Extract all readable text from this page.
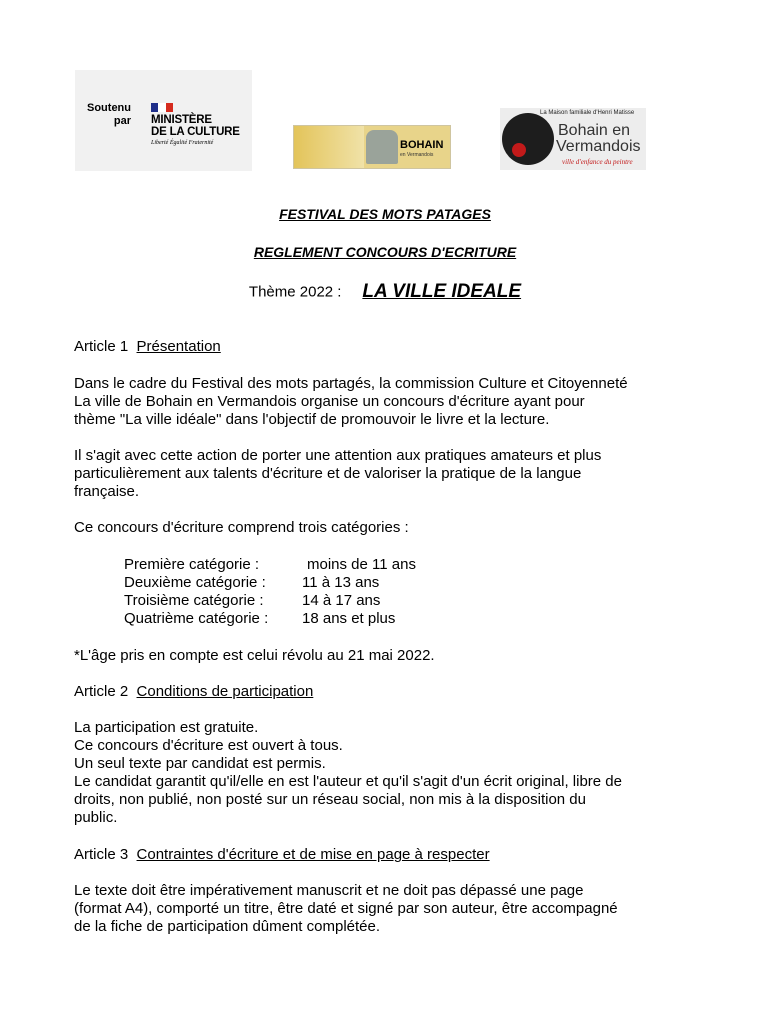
Soutenu par MINISTÈRE
DE LA CULTURE
Liberté Égalité Fraternité	BOHAIN
en Vermandois
La Maison familiale d'Henri Matisse
Bohain en
Vermandois
ville d'enfance du peintre
FESTIVAL DES MOTS PATAGES
REGLEMENT CONCOURS D'ECRITURE
Thème 2022 : LA VILLE IDEALE
Article 1 Présentation
Dans le cadre du Festival des mots partagés, la commission Culture et Citoyenneté
La ville de Bohain en Vermandois organise un concours d'écriture ayant pour
thème "La ville idéale" dans l'objectif de promouvoir le livre et la lecture.
Il s'agit avec cette action de porter une attention aux pratiques amateurs et plus
particulièrement aux talents d'écriture et de valoriser la pratique de la langue
française.
Ce concours d'écriture comprend trois catégories :
Première catégorie :	moins de 11 ans
Deuxième catégorie : 11 à 13 ans
Troisième catégorie :	14 à 17 ans
Quatrième catégorie : 18 ans et plus
*L'âge pris en compte est celui révolu au 21 mai 2022.
Article 2 Conditions de participation
La participation est gratuite.
Ce concours d'écriture est ouvert à tous.
Un seul texte par candidat est permis.
Le candidat garantit qu'il/elle en est l'auteur et qu'il s'agit d'un écrit original, libre de
droits, non publié, non posté sur un réseau social, non mis à la disposition du
public.
Article 3 Contraintes d'écriture et de mise en page à respecter
Le texte doit être impérativement manuscrit et ne doit pas dépassé une page
(format A4), comporté un titre, être daté et signé par son auteur, être accompagné
de la fiche de participation dûment complétée.
